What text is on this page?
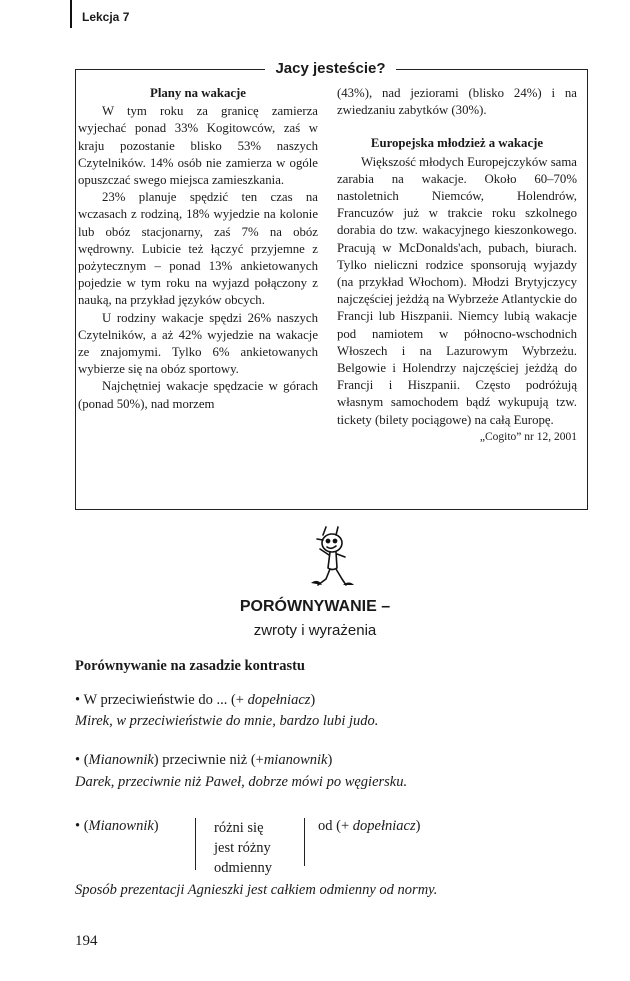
Lekcja 7
Jacy jesteście?
Plany na wakacje

W tym roku za granicę zamierza wyjechać ponad 33% Kogitowców, zaś w kraju pozostanie blisko 53% naszych Czytelników. 14% osób nie zamierza w ogóle opuszczać swego miejsca zamieszkania.

23% planuje spędzić ten czas na wczasach z rodziną, 18% wyjedzie na kolonie lub obóz stacjonarny, zaś 7% na obóz wędrowny. Lubicie też łączyć przyjemne z pożytecznym – ponad 13% ankietowanych pojedzie w tym roku na wyjazd połączony z nauką, na przykład języków obcych.

U rodziny wakacje spędzi 26% naszych Czytelników, a aż 42% wyjedzie na wakacje ze znajomymi. Tylko 6% ankietowanych wybierze się na obóz sportowy.

Najchętniej wakacje spędzacie w górach (ponad 50%), nad morzem

(43%), nad jeziorami (blisko 24%) i na zwiedzaniu zabytków (30%).

Europejska młodzież a wakacje

Większość młodych Europejczyków sama zarabia na wakacje. Około 60–70% nastoletnich Niemców, Holendrów, Francuzów już w trakcie roku szkolnego dorabia do tzw. wakacyjnego kieszonkowego. Pracują w McDonalds'ach, pubach, biurach. Tylko nieliczni rodzice sponsorują wyjazdy (na przykład Włochom). Młodzi Brytyjczycy najczęściej jeżdżą na Wybrzeże Atlantyckie do Francji lub Hiszpanii. Niemcy lubią wakacje pod namiotem w północno-wschodnich Włoszech i na Lazurowym Wybrzeżu. Belgowie i Holendrzy najczęściej jeżdżą do Francji i Hiszpanii. Często podróżują własnym samochodem bądź wykupują tzw. tickety (bilety pociągowe) na całą Europę.

„Cogito” nr 12, 2001

PORÓWNYWANIE –
zwroty i wyrażenia
Porównywanie na zasadzie kontrastu
• W przeciwieństwie do ... (+ dopełniacz)
Mirek, w przeciwieństwie do mnie, bardzo lubi judo.
• (Mianownik) przeciwnie niż (+mianownik)
Darek, przeciwnie niż Paweł, dobrze mówi po węgiersku.
• (Mianownik)	różni się
jest różny
odmienny
od (+ dopełniacz)
Sposób prezentacji Agnieszki jest całkiem odmienny od normy.
194
